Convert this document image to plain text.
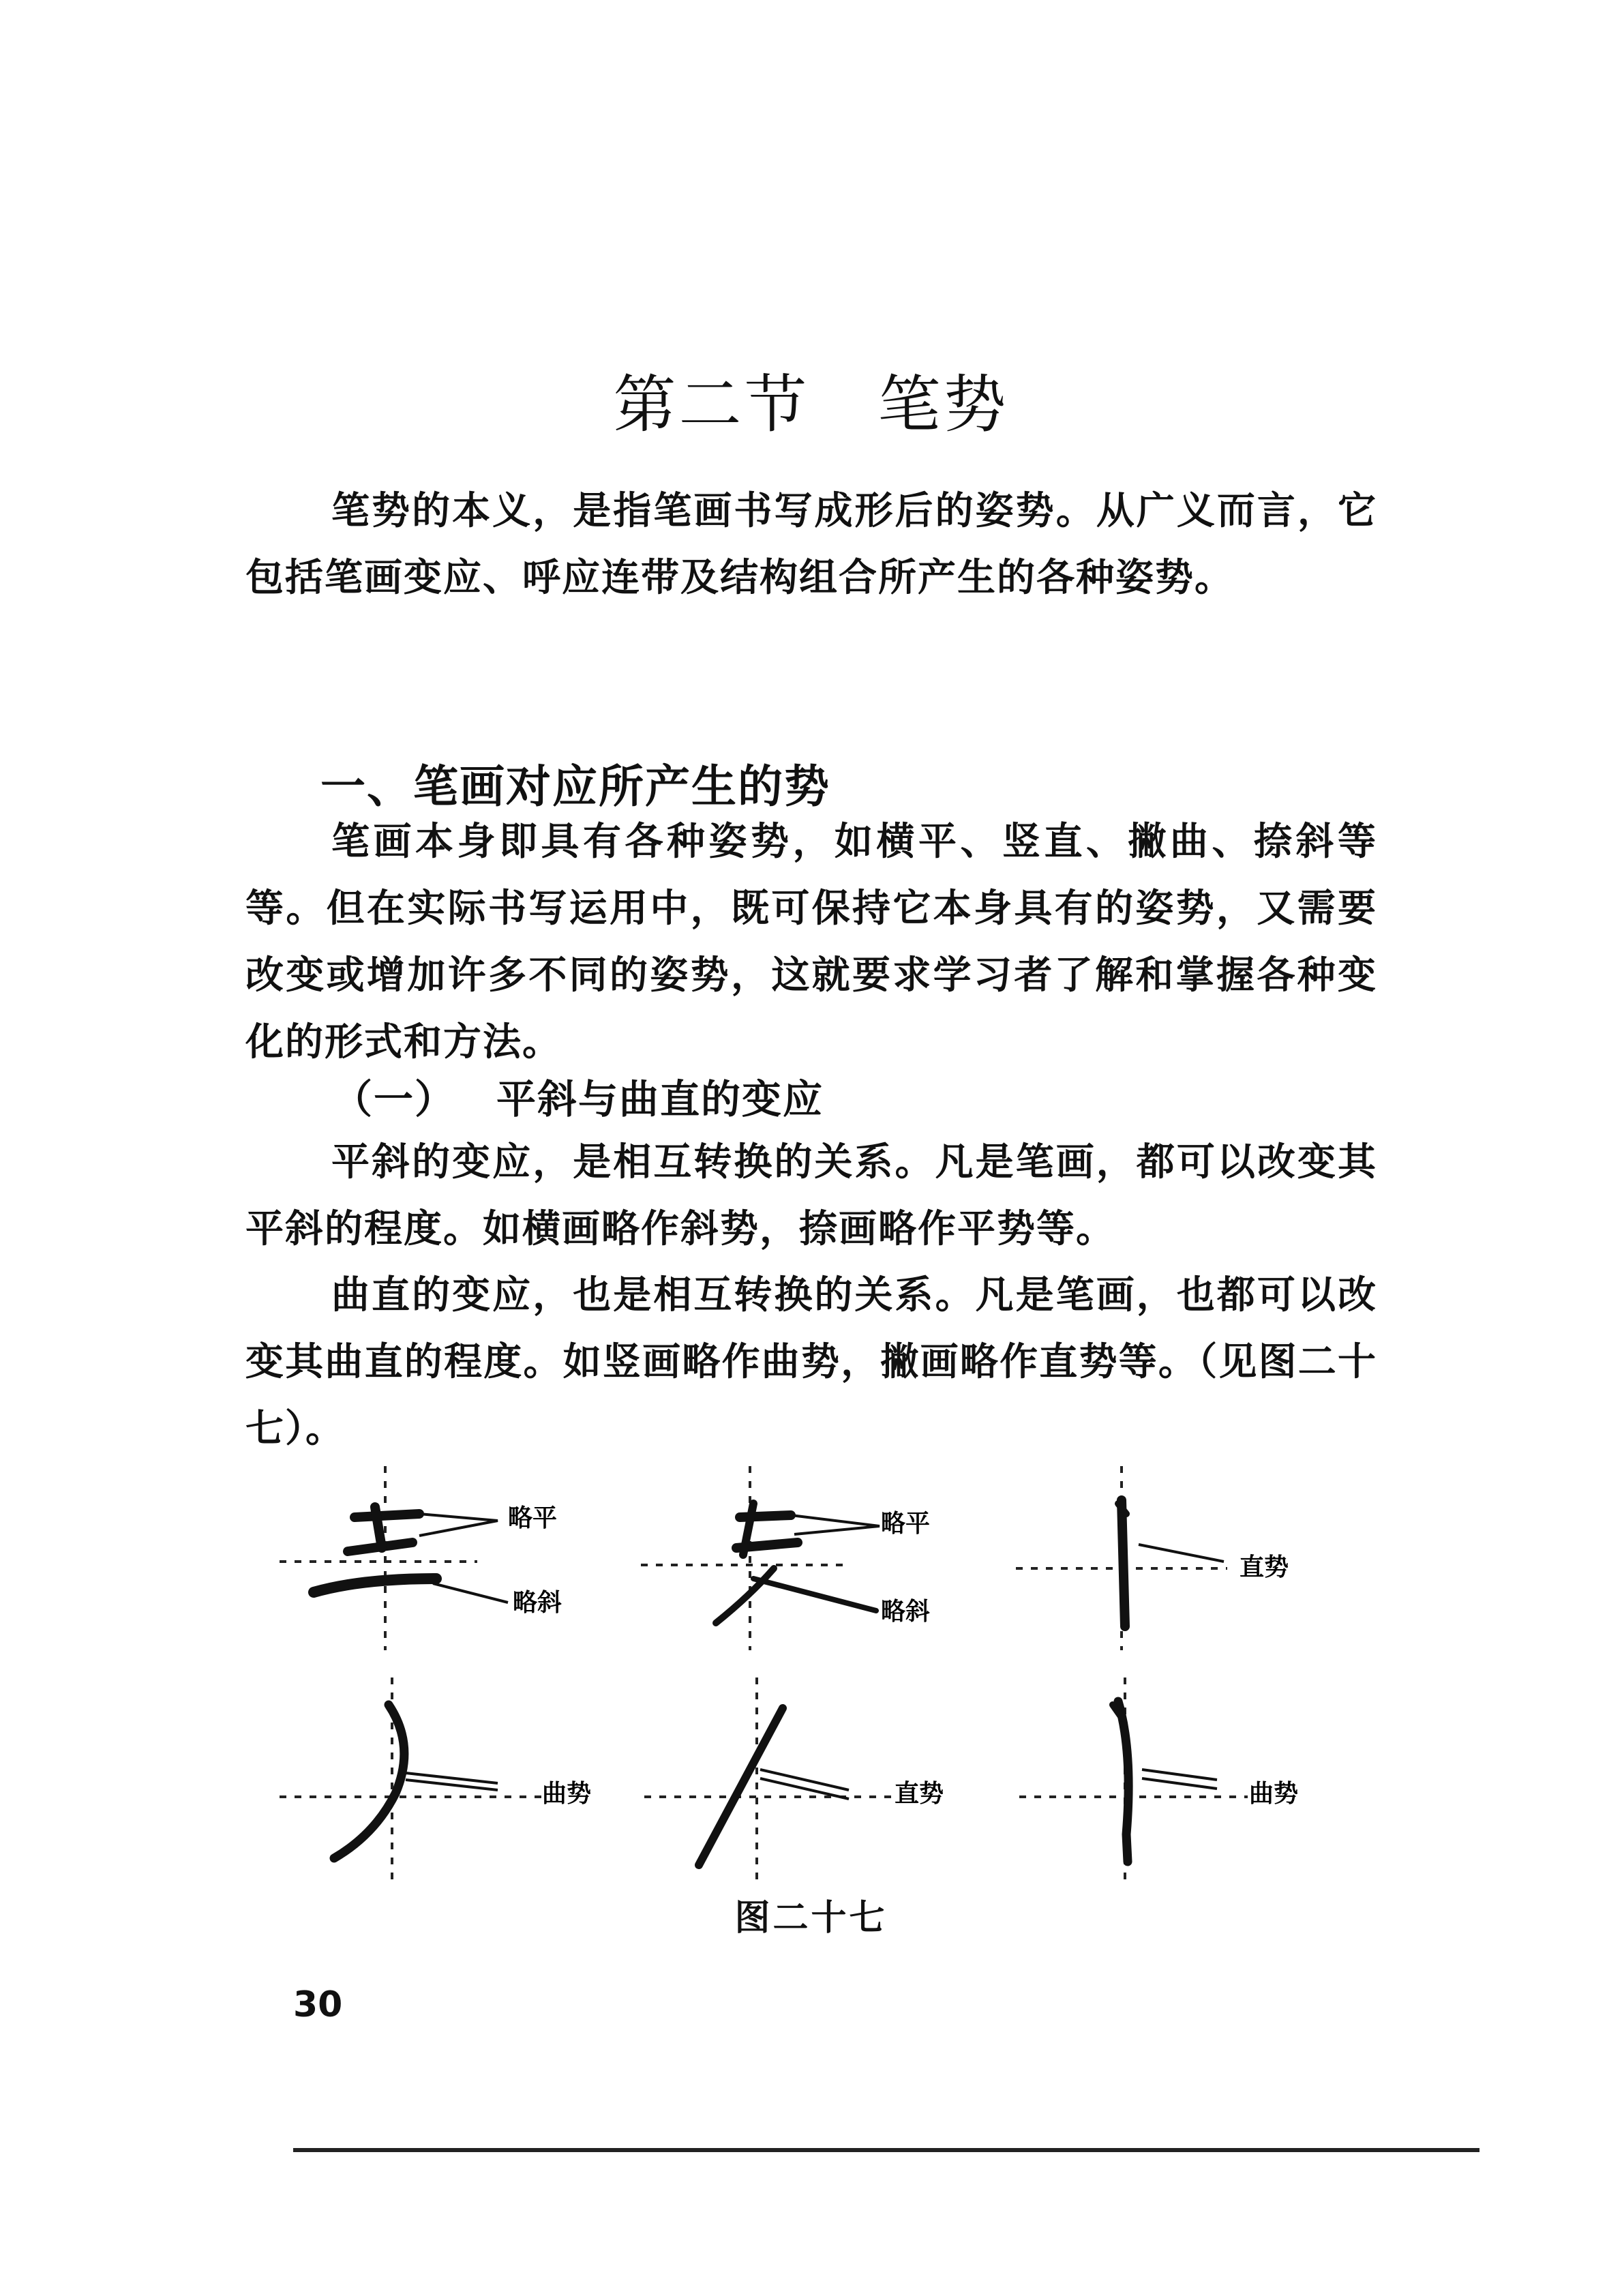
第二节 笔势
笔势的本义，是指笔画书写成形后的姿势。从广义而言，它包括笔画变应、呼应连带及结构组合所产生的各种姿势。
一、笔画对应所产生的势
笔画本身即具有各种姿势，如横平、竖直、撇曲、捺斜等等。但在实际书写运用中，既可保持它本身具有的姿势，又需要改变或增加许多不同的姿势，这就要求学习者了解和掌握各种变化的形式和方法。
（一） 平斜与曲直的变应
平斜的变应，是相互转换的关系。凡是笔画，都可以改变其平斜的程度。如横画略作斜势，捺画略作平势等。
曲直的变应，也是相互转换的关系。凡是笔画，也都可以改变其曲直的程度。如竖画略作曲势，撇画略作直势等。（见图二十七）。
略平
略斜
略平
略斜
直势
曲势	直势	曲势
图二十七
30
